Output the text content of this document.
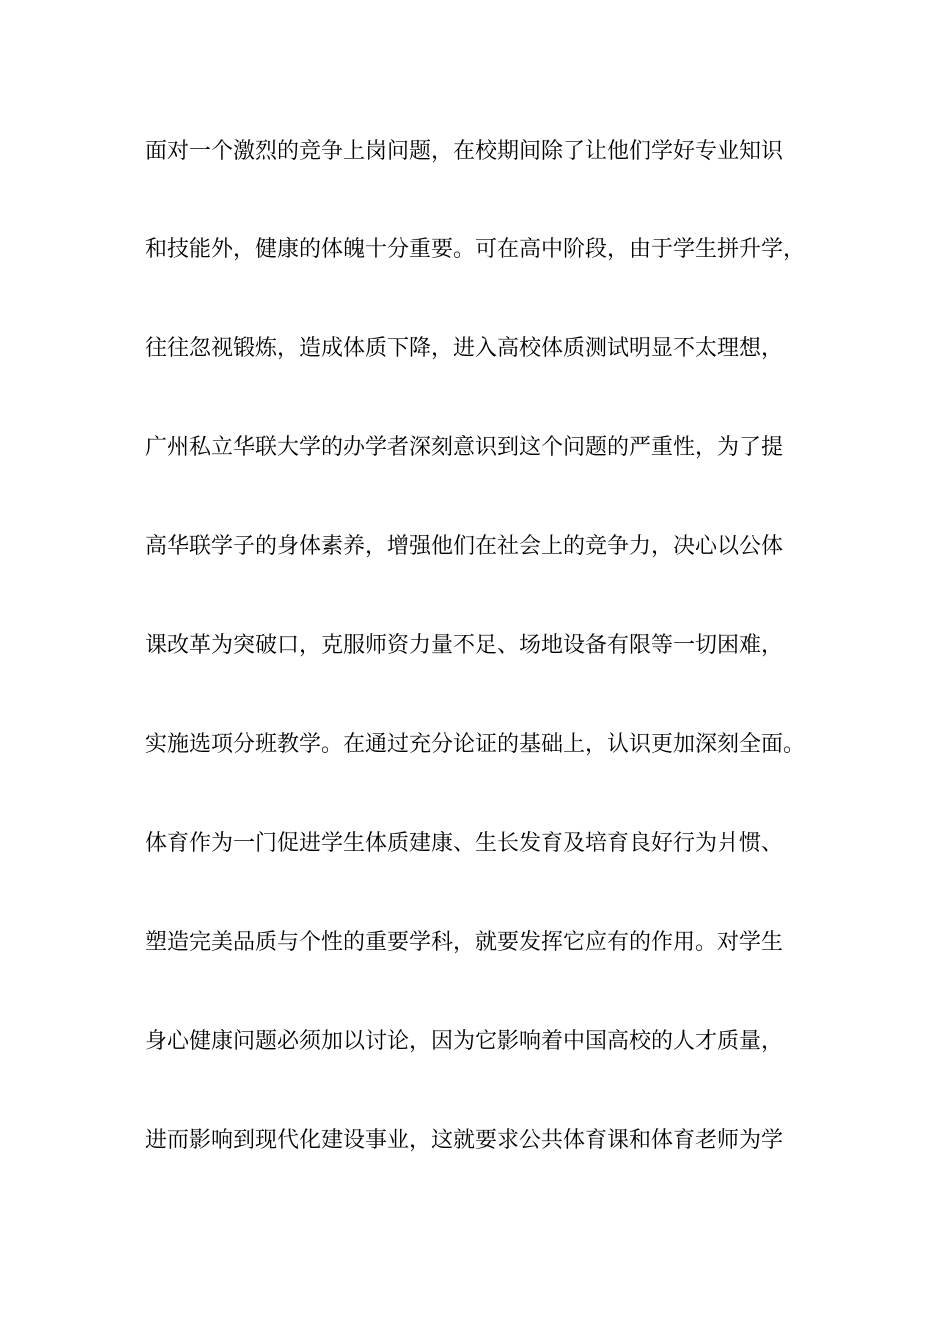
面对一个激烈的竞争上岗问题，在校期间除了让他们学好专业知识
和技能外，健康的体魄十分重要。可在高中阶段，由于学生拼升学，
往往忽视锻炼，造成体质下降，进入高校体质测试明显不太理想，
广州私立华联大学的办学者深刻意识到这个问题的严重性，为了提
高华联学子的身体素养，增强他们在社会上的竞争力，决心以公体
课改革为突破口，克服师资力量不足、场地设备有限等一切困难，
实施选项分班教学。在通过充分论证的基础上，认识更加深刻全面。
体育作为一门促进学生体质建康、生长发育及培育良好行为爿惯、
塑造完美品质与个性的重要学科，就要发挥它应有的作用。对学生
身心健康问题必须加以讨论，因为它影响着中国高校的人才质量，
进而影响到现代化建设事业，这就要求公共体育课和体育老师为学
